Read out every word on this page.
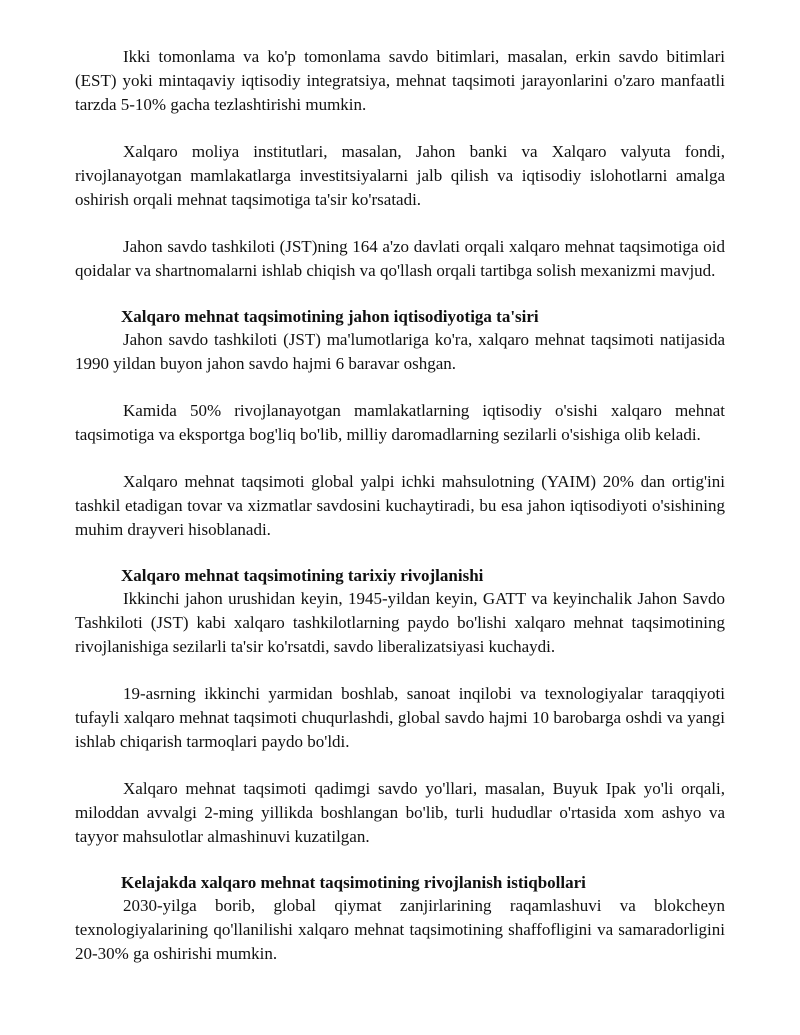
Ikki tomonlama va ko'p tomonlama savdo bitimlari, masalan, erkin savdo bitimlari (EST) yoki mintaqaviy iqtisodiy integratsiya, mehnat taqsimoti jarayonlarini o'zaro manfaatli tarzda 5-10% gacha tezlashtirishi mumkin.

Xalqaro moliya institutlari, masalan, Jahon banki va Xalqaro valyuta fondi, rivojlanayotgan mamlakatlarga investitsiyalarni jalb qilish va iqtisodiy islohotlarni amalga oshirish orqali mehnat taqsimotiga ta'sir ko'rsatadi.

Jahon savdo tashkiloti (JST)ning 164 a'zo davlati orqali xalqaro mehnat taqsimotiga oid qoidalar va shartnomalarni ishlab chiqish va qo'llash orqali tartibga solish mexanizmi mavjud.

Xalqaro mehnat taqsimotining jahon iqtisodiyotiga ta'siri

Jahon savdo tashkiloti (JST) ma'lumotlariga ko'ra, xalqaro mehnat taqsimoti natijasida 1990 yildan buyon jahon savdo hajmi 6 baravar oshgan.

Kamida 50% rivojlanayotgan mamlakatlarning iqtisodiy o'sishi xalqaro mehnat taqsimotiga va eksportga bog'liq bo'lib, milliy daromadlarning sezilarli o'sishiga olib keladi.

Xalqaro mehnat taqsimoti global yalpi ichki mahsulotning (YAIM) 20% dan ortig'ini tashkil etadigan tovar va xizmatlar savdosini kuchaytiradi, bu esa jahon iqtisodiyoti o'sishining muhim drayveri hisoblanadi.

Xalqaro mehnat taqsimotining tarixiy rivojlanishi

Ikkinchi jahon urushidan keyin, 1945-yildan keyin, GATT va keyinchalik Jahon Savdo Tashkiloti (JST) kabi xalqaro tashkilotlarning paydo bo'lishi xalqaro mehnat taqsimotining rivojlanishiga sezilarli ta'sir ko'rsatdi, savdo liberalizatsiyasi kuchaydi.

19-asrning ikkinchi yarmidan boshlab, sanoat inqilobi va texnologiyalar taraqqiyoti tufayli xalqaro mehnat taqsimoti chuqurlashdi, global savdo hajmi 10 barobarga oshdi va yangi ishlab chiqarish tarmoqlari paydo bo'ldi.

Xalqaro mehnat taqsimoti qadimgi savdo yo'llari, masalan, Buyuk Ipak yo'li orqali, miloddan avvalgi 2-ming yillikda boshlangan bo'lib, turli hududlar o'rtasida xom ashyo va tayyor mahsulotlar almashinuvi kuzatilgan.

Kelajakda xalqaro mehnat taqsimotining rivojlanish istiqbollari

2030-yilga borib, global qiymat zanjirlarining raqamlashuvi va blokcheyn texnologiyalarining qo'llanilishi xalqaro mehnat taqsimotining shaffofligini va samaradorligini 20-30% ga oshirishi mumkin.
